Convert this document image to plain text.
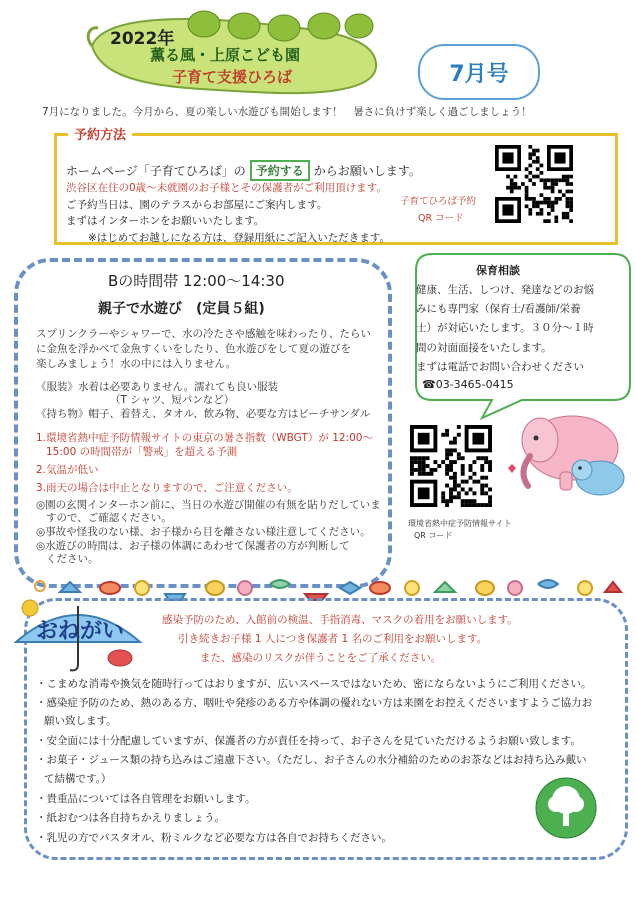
2022年
薫る風・上原こども園
子育て支援ひろば	7月号
7月になりました。今月から、夏の楽しい水遊びも開始します！　暑さに負けず楽しく過ごしましょう！
予約方法
ホームページ「子育てひろば」の 予約する からお願いします。
渋谷区在住の0歳～未就園のお子様とその保護者がご利用頂けます。
ご予約当日は、園のテラスからお部屋にご案内します。
まずはインターホンをお願いいたします。
※はじめてお越しになる方は、登録用紙にご記入いただきます。
子育てひろば予約
QR コード
Bの時間帯 12:00～14:30
親子で水遊び　(定員５組)
スプリンクラーやシャワーで、水の冷たさや感触を味わったり、たらい
に金魚を浮かべて金魚すくいをしたり、色水遊びをして夏の遊びを
楽しみましょう！水の中には入りません。
《服装》水着は必要ありません。濡れても良い服装
（T シャツ、短パンなど）
《持ち物》帽子、着替え、タオル、飲み物、必要な方はビーチサンダル
1.環境省熱中症予防情報サイトの東京の暑さ指数（WBGT）が 12:00～
15:00 の時間帯が「警戒」を超える予測
2.気温が低い
3.雨天の場合は中止となりますので、ご注意ください。
◎園の玄関インターホン前に、当日の水遊び開催の有無を貼りだしていま
すので、ご確認ください。
◎事故や怪我のない様、お子様から目を離さない様注意してください。
◎水遊びの時間は、お子様の体調にあわせて保護者の方が判断して
ください。
保育相談
健康、生活、しつけ、発達などのお悩
みにも専門家（保育士/看護師/栄養
士）が対応いたします。３０分～１時
間の対面面接をいたします。
まずは電話でお問い合わせください
☎03-3465-0415
環境省熱中症予防情報サイト
QR コード
おねがい	感染予防のため、入館前の検温、手指消毒、マスクの着用をお願いします。
引き続きお子様 1 人につき保護者 1 名のご利用をお願いします。
また、感染のリスクが伴うことをご了承ください。
・こまめな消毒や換気を随時行ってはおりますが、広いスペースではないため、密にならないようにご利用ください。
・感染症予防のため、熱のある方、咽吐や発疹のある方や体調の優れない方は来園をお控えくださいますようご協力お
願い致します。
・安全面には十分配慮していますが、保護者の方が責任を持って、お子さんを見ていただけるようお願い致します。
・お菓子・ジュース類の持ち込みはご遠慮下さい。（ただし、お子さんの水分補給のためのお茶などはお持ち込み戴い
て結構です。）
・貴重品については各自管理をお願いします。
・紙おむつは各自持ちかえりましょう。
・乳児の方でパスタオル、粉ミルクなど必要な方は各自でお持ちください。
